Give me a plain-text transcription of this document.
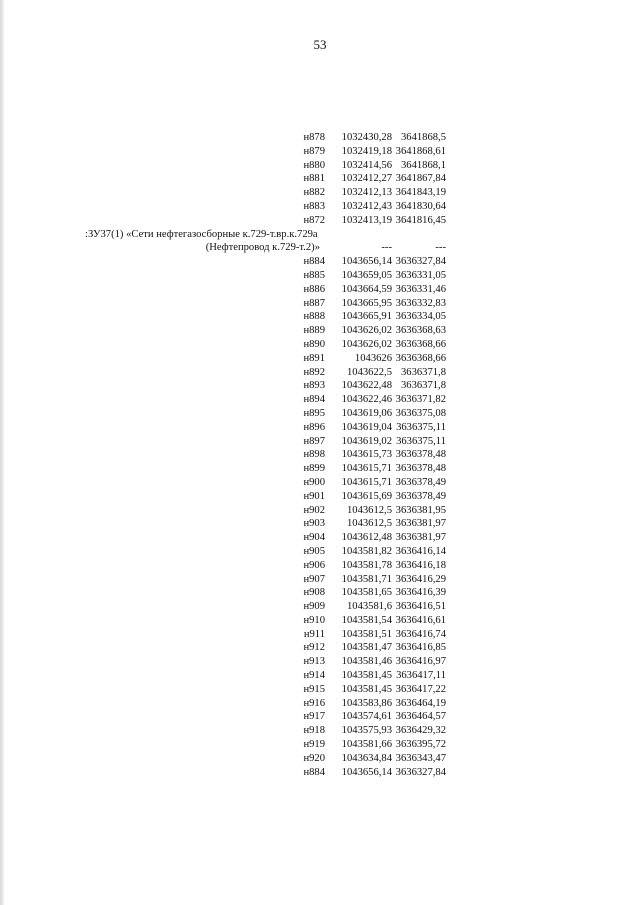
53
н878	1032430,28 3641868,5
н879	1032419,18 3641868,61
н880	1032414,56 3641868,1
н881	1032412,27 3641867,84
н882	1032412,13 3641843,19
н883	1032412,43 3641830,64
н872	1032413,19 3641816,45
:ЗУ37(1) «Сети нефтегазосборные к.729-т.вр.к.729а
(Нефтепровод к.729-т.2)»	---	---
н884	1043656,14 3636327,84
н885	1043659,05 3636331,05
н886	1043664,59 3636331,46
н887	1043665,95 3636332,83
н888	1043665,91 3636334,05
н889	1043626,02 3636368,63
н890	1043626,02 3636368,66
н891	1043626 3636368,66
н892	1043622,5 3636371,8
н893	1043622,48 3636371,8
н894	1043622,46 3636371,82
н895	1043619,06 3636375,08
н896	1043619,04 3636375,11
н897	1043619,02 3636375,11
н898	1043615,73 3636378,48
н899	1043615,71 3636378,48
н900	1043615,71 3636378,49
н901	1043615,69 3636378,49
н902	1043612,5 3636381,95
н903	1043612,5 3636381,97
н904	1043612,48 3636381,97
н905	1043581,82 3636416,14
н906	1043581,78 3636416,18
н907	1043581,71 3636416,29
н908	1043581,65 3636416,39
н909	1043581,6 3636416,51
н910	1043581,54 3636416,61
н911	1043581,51 3636416,74
н912	1043581,47 3636416,85
н913	1043581,46 3636416,97
н914	1043581,45 3636417,11
н915	1043581,45 3636417,22
н916	1043583,86 3636464,19
н917	1043574,61 3636464,57
н918	1043575,93 3636429,32
н919	1043581,66 3636395,72
н920	1043634,84 3636343,47
н884	1043656,14 3636327,84
